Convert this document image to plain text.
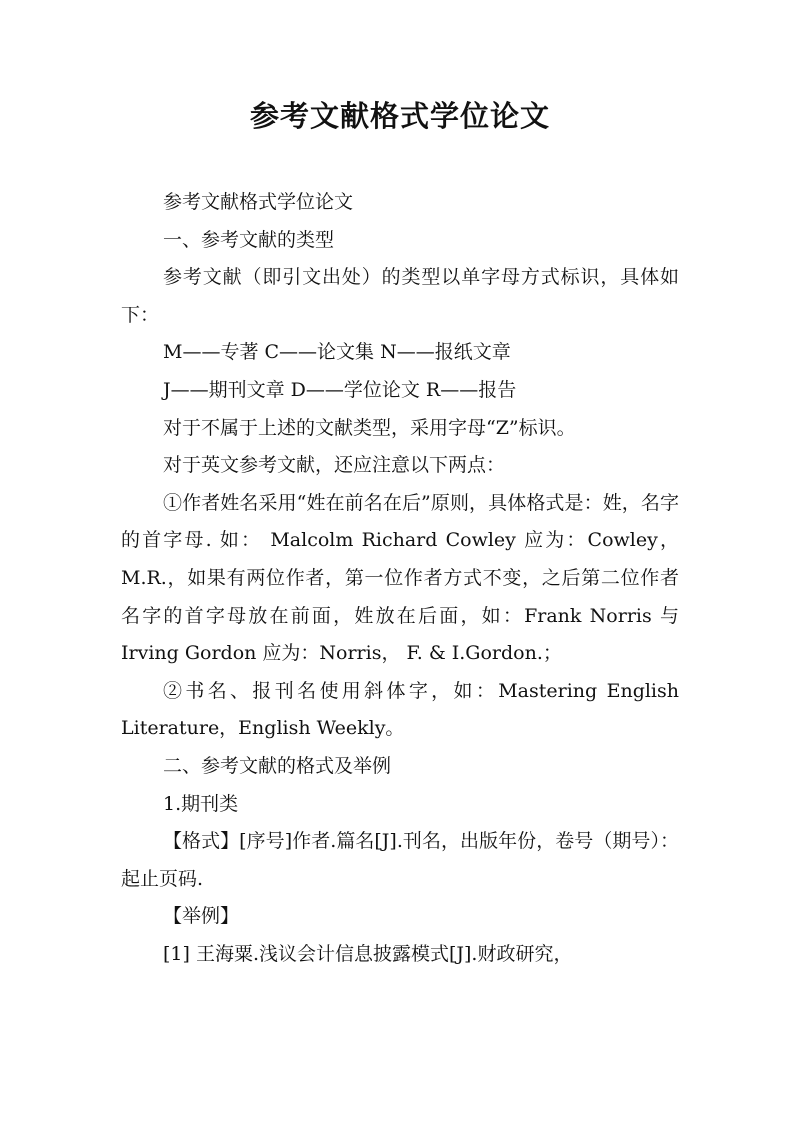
参考文献格式学位论文

参考文献格式学位论文

一、参考文献的类型

参考文献（即引文出处）的类型以单字母方式标识，具体如下：

M——专著 C——论文集 N——报纸文章

J——期刊文章 D——学位论文 R——报告

对于不属于上述的文献类型，采用字母“Z”标识。

对于英文参考文献，还应注意以下两点：

①作者姓名采用“姓在前名在后”原则，具体格式是：姓，名字的首字母. 如： Malcolm Richard Cowley 应为：Cowley，M.R.，如果有两位作者，第一位作者方式不变，之后第二位作者名字的首字母放在前面，姓放在后面，如：Frank Norris 与 Irving Gordon 应为：Norris， F. & I.Gordon.；

②书名、报刊名使用斜体字，如：Mastering English Literature，English Weekly。

二、参考文献的格式及举例

1.期刊类

【格式】[序号]作者.篇名[J].刊名，出版年份，卷号（期号）：起止页码.

【举例】

[1] 王海粟.浅议会计信息披露模式[J].财政研究，
